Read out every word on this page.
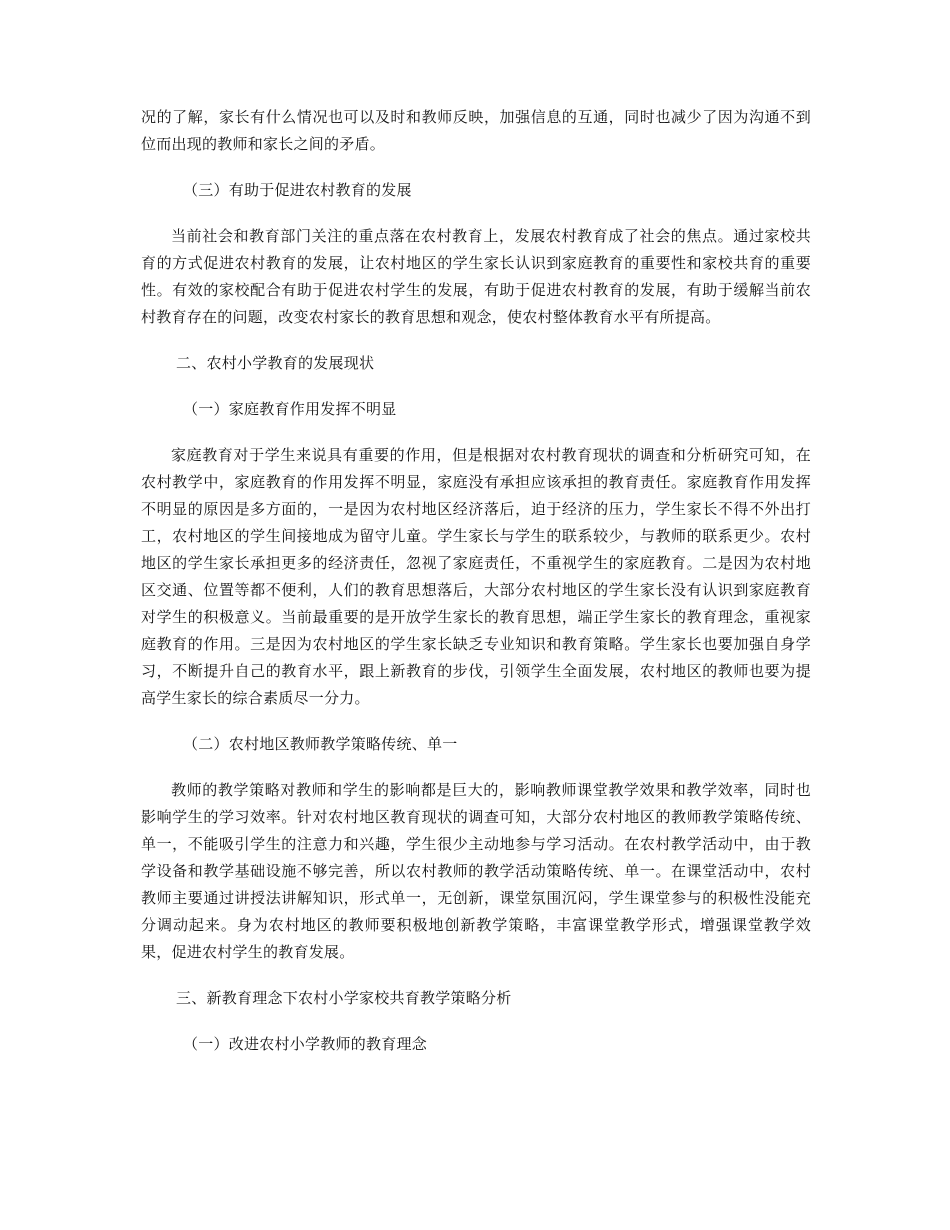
况的了解，家长有什么情况也可以及时和教师反映，加强信息的互通，同时也减少了因为沟通不到位而出现的教师和家长之间的矛盾。

（三）有助于促进农村教育的发展

当前社会和教育部门关注的重点落在农村教育上，发展农村教育成了社会的焦点。通过家校共育的方式促进农村教育的发展，让农村地区的学生家长认识到家庭教育的重要性和家校共育的重要性。有效的家校配合有助于促进农村学生的发展，有助于促进农村教育的发展，有助于缓解当前农村教育存在的问题，改变农村家长的教育思想和观念，使农村整体教育水平有所提高。

二、农村小学教育的发展现状

（一）家庭教育作用发挥不明显

家庭教育对于学生来说具有重要的作用，但是根据对农村教育现状的调查和分析研究可知，在农村教学中，家庭教育的作用发挥不明显，家庭没有承担应该承担的教育责任。家庭教育作用发挥不明显的原因是多方面的，一是因为农村地区经济落后，迫于经济的压力，学生家长不得不外出打工，农村地区的学生间接地成为留守儿童。学生家长与学生的联系较少，与教师的联系更少。农村地区的学生家长承担更多的经济责任，忽视了家庭责任，不重视学生的家庭教育。二是因为农村地区交通、位置等都不便利，人们的教育思想落后，大部分农村地区的学生家长没有认识到家庭教育对学生的积极意义。当前最重要的是开放学生家长的教育思想，端正学生家长的教育理念，重视家庭教育的作用。三是因为农村地区的学生家长缺乏专业知识和教育策略。学生家长也要加强自身学习，不断提升自己的教育水平，跟上新教育的步伐，引领学生全面发展，农村地区的教师也要为提高学生家长的综合素质尽一分力。

（二）农村地区教师教学策略传统、单一

教师的教学策略对教师和学生的影响都是巨大的，影响教师课堂教学效果和教学效率，同时也影响学生的学习效率。针对农村地区教育现状的调查可知，大部分农村地区的教师教学策略传统、单一，不能吸引学生的注意力和兴趣，学生很少主动地参与学习活动。在农村教学活动中，由于教学设备和教学基础设施不够完善，所以农村教师的教学活动策略传统、单一。在课堂活动中，农村教师主要通过讲授法讲解知识，形式单一，无创新，课堂氛围沉闷，学生课堂参与的积极性没能充分调动起来。身为农村地区的教师要积极地创新教学策略，丰富课堂教学形式，增强课堂教学效果，促进农村学生的教育发展。

三、新教育理念下农村小学家校共育教学策略分析

（一）改进农村小学教师的教育理念
